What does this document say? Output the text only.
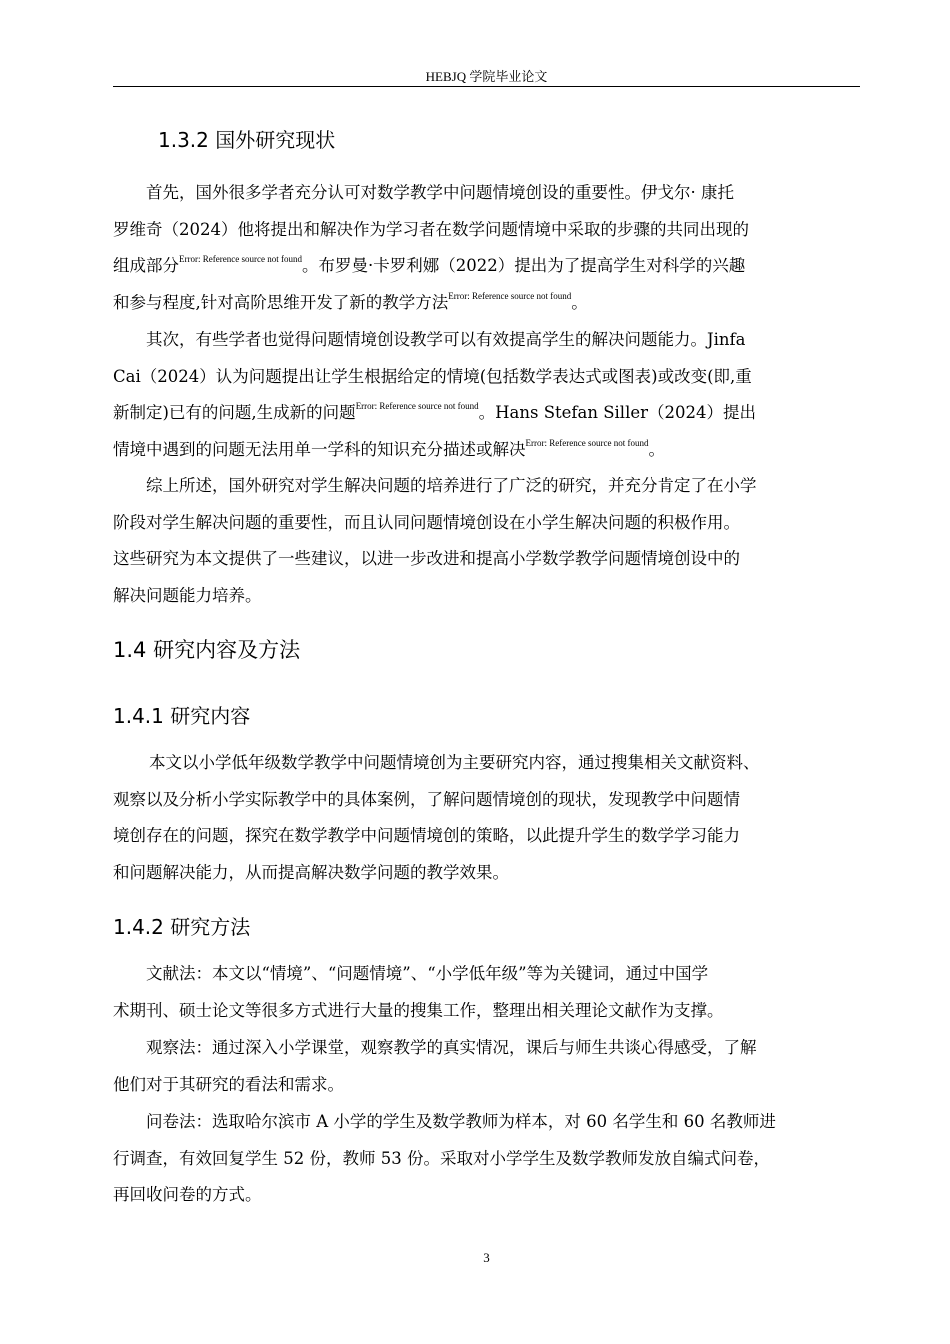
HEBJQ 学院毕业论文
1.3.2 国外研究现状
首先，国外很多学者充分认可对数学教学中问题情境创设的重要性。伊戈尔· 康托
罗维奇（2024）他将提出和解决作为学习者在数学问题情境中采取的步骤的共同出现的
组成部分$^{Error: Reference source not found}$。布罗曼·卡罗利娜（2022）提出为了提高学生对科学的兴趣
和参与程度,针对高阶思维开发了新的教学方法$^{Error: Reference source not found}$。
其次，有些学者也觉得问题情境创设教学可以有效提高学生的解决问题能力。Jinfa
Cai（2024）认为问题提出让学生根据给定的情境(包括数学表达式或图表)或改变(即,重
新制定)已有的问题,生成新的问题$^{Error: Reference source not found}$。Hans Stefan Siller（2024）提出
情境中遇到的问题无法用单一学科的知识充分描述或解决$^{Error: Reference source not found}$。
综上所述，国外研究对学生解决问题的培养进行了广泛的研究，并充分肯定了在小学
阶段对学生解决问题的重要性，而且认同问题情境创设在小学生解决问题的积极作用。
这些研究为本文提供了一些建议，以进一步改进和提高小学数学教学问题情境创设中的
解决问题能力培养。
1.4 研究内容及方法
1.4.1 研究内容
本文以小学低年级数学教学中问题情境创为主要研究内容，通过搜集相关文献资料、
观察以及分析小学实际教学中的具体案例，了解问题情境创的现状，发现教学中问题情
境创存在的问题，探究在数学教学中问题情境创的策略，以此提升学生的数学学习能力
和问题解决能力，从而提高解决数学问题的教学效果。
1.4.2 研究方法
文献法：本文以“情境”、“问题情境”、“小学低年级”等为关键词，通过中国学
术期刊、硕士论文等很多方式进行大量的搜集工作，整理出相关理论文献作为支撑。
观察法：通过深入小学课堂，观察教学的真实情况，课后与师生共谈心得感受，了解
他们对于其研究的看法和需求。
问卷法：选取哈尔滨市 A 小学的学生及数学教师为样本，对 60 名学生和 60 名教师进
行调查，有效回复学生 52 份，教师 53 份。采取对小学学生及数学教师发放自编式问卷，
再回收问卷的方式。
3
